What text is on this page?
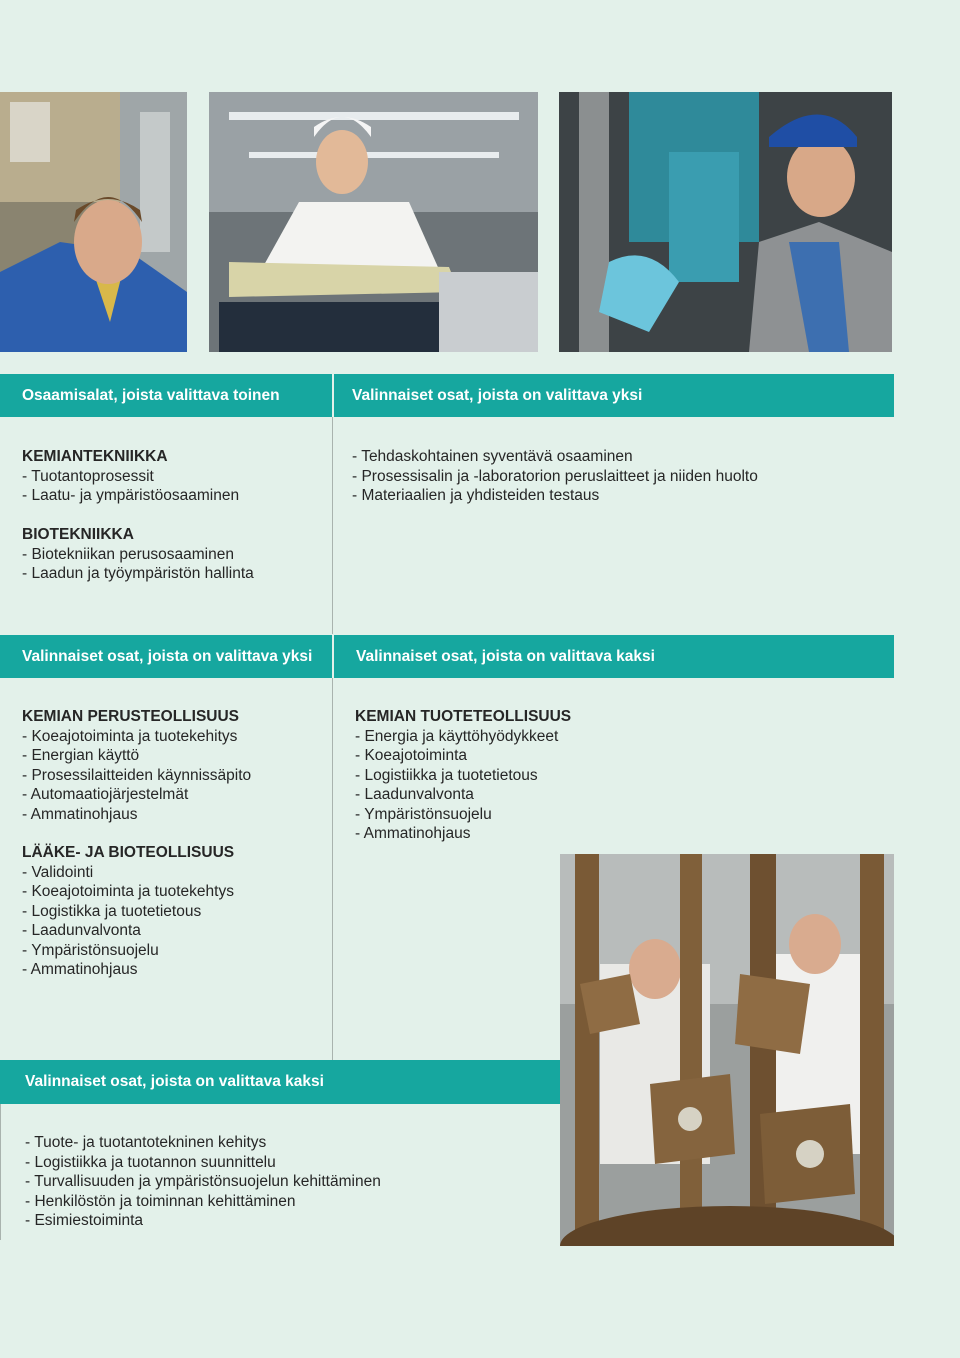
Osaamisalat, joista valittava toinen	Valinnaiset osat, joista on valittava yksi
KEMIANTEKNIIKKA
- Tuotantoprosessit
- Laatu- ja ympäristöosaaminen
BIOTEKNIIKKA
- Biotekniikan perusosaaminen
- Laadun ja työympäristön hallinta
- Tehdaskohtainen syventävä osaaminen
- Prosessisalin ja -laboratorion peruslaitteet ja niiden huolto
- Materiaalien ja yhdisteiden testaus
Valinnaiset osat, joista on valittava yksi	Valinnaiset osat, joista on valittava kaksi
KEMIAN PERUSTEOLLISUUS
- Koeajotoiminta ja tuotekehitys
- Energian käyttö
- Prosessilaitteiden käynnissäpito
- Automaatiojärjestelmät
- Ammatinohjaus
LÄÄKE- JA BIOTEOLLISUUS
- Validointi
- Koeajotoiminta ja tuotekehtys
- Logistikka ja tuotetietous
- Laadunvalvonta
- Ympäristönsuojelu
- Ammatinohjaus
KEMIAN TUOTETEOLLISUUS
- Energia ja käyttöhyödykkeet
- Koeajotoiminta
- Logistiikka ja tuotetietous
- Laadunvalvonta
- Ympäristönsuojelu
- Ammatinohjaus
Valinnaiset osat, joista on valittava kaksi
- Tuote- ja tuotantotekninen kehitys
- Logistiikka ja tuotannon suunnittelu
- Turvallisuuden ja ympäristönsuojelun kehittäminen
- Henkilöstön ja toiminnan kehittäminen
- Esimiestoiminta
